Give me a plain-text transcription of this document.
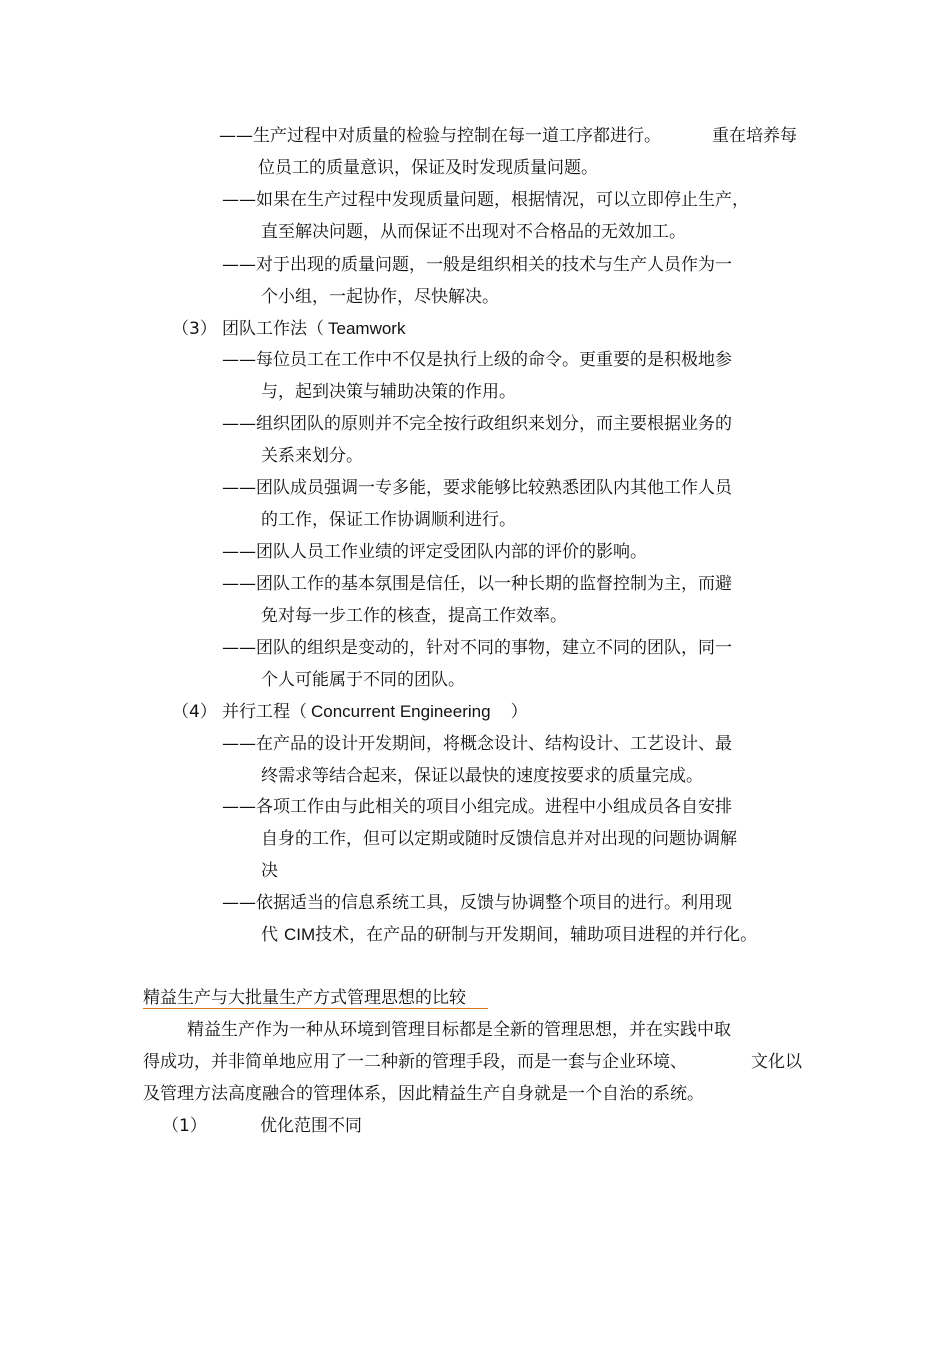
——生产过程中对质量的检验与控制在每一道工序都进行。	重在培养每
位员工的质量意识，保证及时发现质量问题。
——如果在生产过程中发现质量问题，根据情况，可以立即停止生产，
直至解决问题，从而保证不出现对不合格品的无效加工。
——对于出现的质量问题，一般是组织相关的技术与生产人员作为一
个小组，一起协作，尽快解决。
（3） 团队工作法（ Teamwork
——每位员工在工作中不仅是执行上级的命令。更重要的是积极地参
与，起到决策与辅助决策的作用。
——组织团队的原则并不完全按行政组织来划分，而主要根据业务的
关系来划分。
——团队成员强调一专多能，要求能够比较熟悉团队内其他工作人员
的工作，保证工作协调顺利进行。
——团队人员工作业绩的评定受团队内部的评价的影响。
——团队工作的基本氛围是信任，以一种长期的监督控制为主，而避
免对每一步工作的核查，提高工作效率。
——团队的组织是变动的，针对不同的事物，建立不同的团队，同一
个人可能属于不同的团队。
（4） 并行工程（ Concurrent Engineering ）
——在产品的设计开发期间，将概念设计、结构设计、工艺设计、最
终需求等结合起来，保证以最快的速度按要求的质量完成。
——各项工作由与此相关的项目小组完成。进程中小组成员各自安排
自身的工作，但可以定期或随时反馈信息并对出现的问题协调解
决
——依据适当的信息系统工具，反馈与协调整个项目的进行。利用现
代 CIM技术，在产品的研制与开发期间，辅助项目进程的并行化。
精益生产与大批量生产方式管理思想的比较
精益生产作为一种从环境到管理目标都是全新的管理思想，并在实践中取
得成功，并非简单地应用了一二种新的管理手段，而是一套与企业环境、	文化以
及管理方法高度融合的管理体系，因此精益生产自身就是一个自治的系统。
（1）	优化范围不同
